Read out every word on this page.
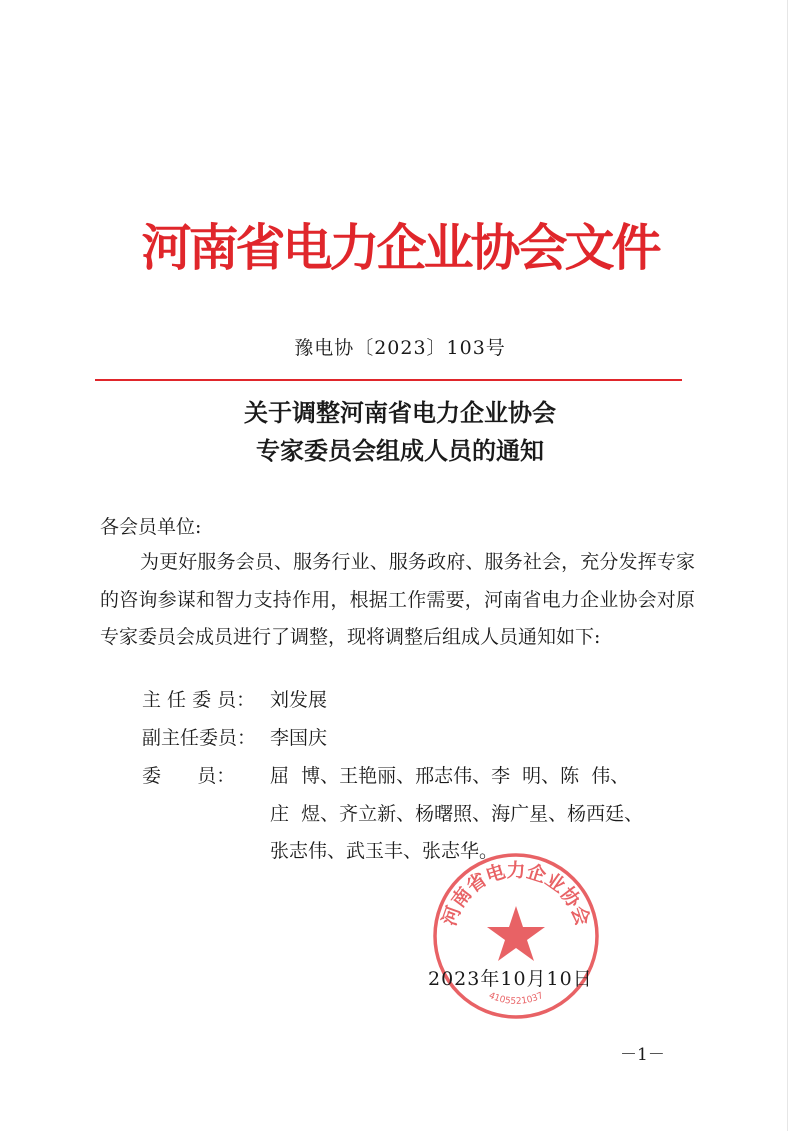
河南省电力企业协会文件
豫电协〔2023〕103号
关于调整河南省电力企业协会
专家委员会组成人员的通知
各会员单位:
为更好服务会员、服务行业、服务政府、服务社会，充分发挥专家的咨询参谋和智力支持作用，根据工作需要，河南省电力企业协会对原专家委员会成员进行了调整，现将调整后组成人员通知如下:
主 任 委 员： 刘发展
副主任委员： 李国庆
委      员：	屈  博、王艳丽、邢志伟、李  明、陈  伟、
庄  煜、齐立新、杨曙照、海广星、杨西廷、
张志伟、武玉丰、张志华。
河南省电力企业协会
4105521037
2023年10月10日
－1－
